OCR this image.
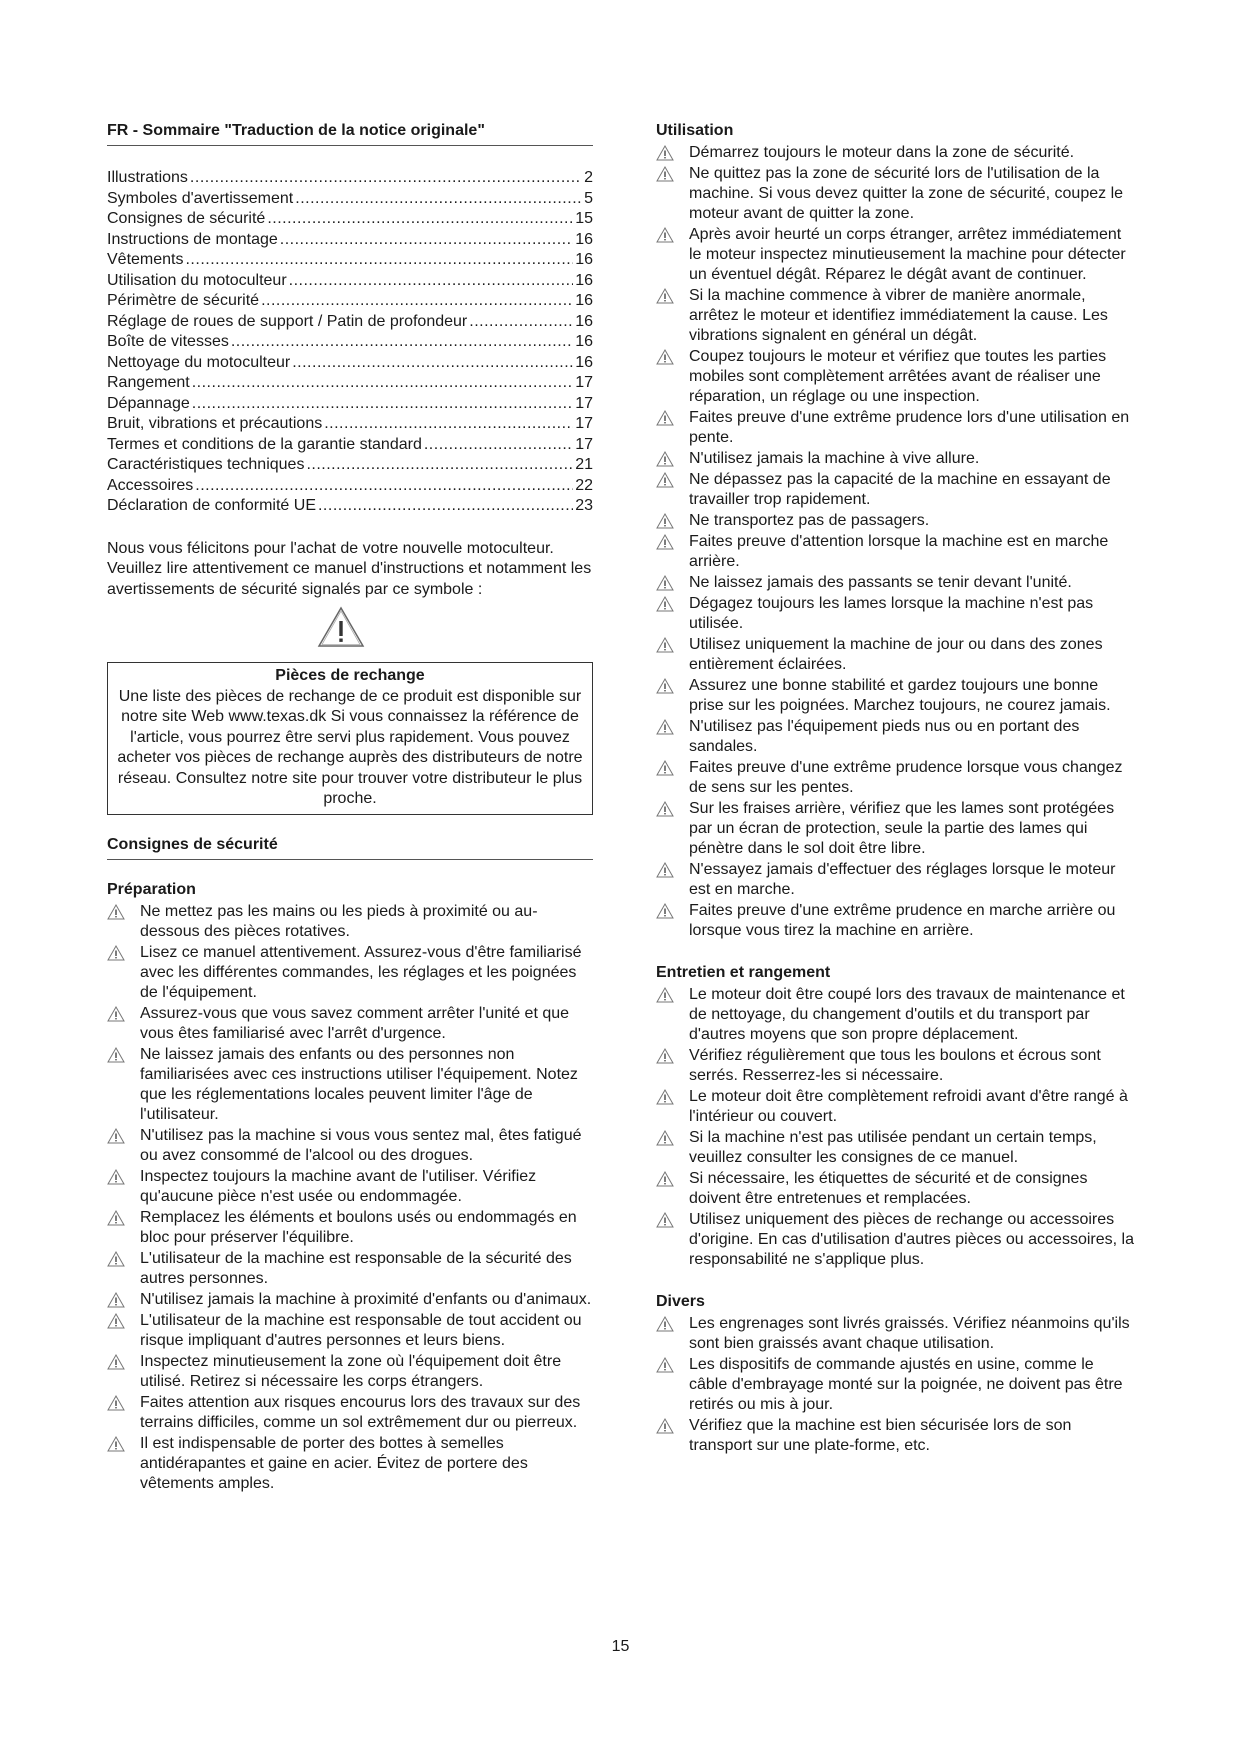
FR - Sommaire "Traduction de la notice originale"
Illustrations .....	2
Symboles d'avertissement .....	5
Consignes de sécurité .....	15
Instructions de montage .....	16
Vêtements .....	16
Utilisation du motoculteur .....	16
Périmètre de sécurité .....	16
Réglage de roues de support / Patin de profondeur .....	16
Boîte de vitesses .....	16
Nettoyage du motoculteur .....	16
Rangement .....	17
Dépannage .....	17
Bruit, vibrations et précautions .....	17
Termes et conditions de la garantie standard .....	17
Caractéristiques techniques .....	21
Accessoires .....	22
Déclaration de conformité UE .....	23
Nous vous félicitons pour l'achat de votre nouvelle motoculteur. Veuillez lire attentivement ce manuel d'instructions et notamment les avertissements de sécurité signalés par ce symbole :
Pièces de rechange
Une liste des pièces de rechange de ce produit est disponible sur notre site Web www.texas.dk Si vous connaissez la référence de l'article, vous pourrez être servi plus rapidement. Vous pouvez acheter vos pièces de rechange auprès des distributeurs de notre réseau. Consultez notre site pour trouver votre distributeur le plus proche.
Consignes de sécurité
Préparation
Ne mettez pas les mains ou les pieds à proximité ou au-dessous des pièces rotatives.
Lisez ce manuel attentivement. Assurez-vous d'être familiarisé avec les différentes commandes, les réglages et les poignées de l'équipement.
Assurez-vous que vous savez comment arrêter l'unité et que vous êtes familiarisé avec l'arrêt d'urgence.
Ne laissez jamais des enfants ou des personnes non familiarisées avec ces instructions utiliser l'équipement. Notez que les réglementations locales peuvent limiter l'âge de l'utilisateur.
N'utilisez pas la machine si vous vous sentez mal, êtes fatigué ou avez consommé de l'alcool ou des drogues.
Inspectez toujours la machine avant de l'utiliser. Vérifiez qu'aucune pièce n'est usée ou endommagée.
Remplacez les éléments et boulons usés ou endommagés en bloc pour préserver l'équilibre.
L'utilisateur de la machine est responsable de la sécurité des autres personnes.
N'utilisez jamais la machine à proximité d'enfants ou d'animaux.
L'utilisateur de la machine est responsable de tout accident ou risque impliquant d'autres personnes et leurs biens.
Inspectez minutieusement la zone où l'équipement doit être utilisé. Retirez si nécessaire les corps étrangers.
Faites attention aux risques encourus lors des travaux sur des terrains difficiles, comme un sol extrêmement dur ou pierreux.
Il est indispensable de porter des bottes à semelles antidérapantes et gaine en acier. Évitez de portere des vêtements amples.
Utilisation
Démarrez toujours le moteur dans la zone de sécurité.
Ne quittez pas la zone de sécurité lors de l'utilisation de la machine. Si vous devez quitter la zone de sécurité, coupez le moteur avant de quitter la zone.
Après avoir heurté un corps étranger, arrêtez immédiatement le moteur inspectez minutieusement la machine pour détecter un éventuel dégât. Réparez le dégât avant de continuer.
Si la machine commence à vibrer de manière anormale, arrêtez le moteur et identifiez immédiatement la cause. Les vibrations signalent en général un dégât.
Coupez toujours le moteur et vérifiez que toutes les parties mobiles sont complètement arrêtées avant de réaliser une réparation, un réglage ou une inspection.
Faites preuve d'une extrême prudence lors d'une utilisation en pente.
N'utilisez jamais la machine à vive allure.
Ne dépassez pas la capacité de la machine en essayant de travailler trop rapidement.
Ne transportez pas de passagers.
Faites preuve d'attention lorsque la machine est en marche arrière.
Ne laissez jamais des passants se tenir devant l'unité.
Dégagez toujours les lames lorsque la machine n'est pas utilisée.
Utilisez uniquement la machine de jour ou dans des zones entièrement éclairées.
Assurez une bonne stabilité et gardez toujours une bonne prise sur les poignées. Marchez toujours, ne courez jamais.
N'utilisez pas l'équipement pieds nus ou en portant des sandales.
Faites preuve d'une extrême prudence lorsque vous changez de sens sur les pentes.
Sur les fraises arrière, vérifiez que les lames sont protégées par un écran de protection, seule la partie des lames qui pénètre dans le sol doit être libre.
N'essayez jamais d'effectuer des réglages lorsque le moteur est en marche.
Faites preuve d'une extrême prudence en marche arrière ou lorsque vous tirez la machine en arrière.
Entretien et rangement
Le moteur doit être coupé lors des travaux de maintenance et de nettoyage, du changement d'outils et du transport par d'autres moyens que son propre déplacement.
Vérifiez régulièrement que tous les boulons et écrous sont serrés. Resserrez-les si nécessaire.
Le moteur doit être complètement refroidi avant d'être rangé à l'intérieur ou couvert.
Si la machine n'est pas utilisée pendant un certain temps, veuillez consulter les consignes de ce manuel.
Si nécessaire, les étiquettes de sécurité et de consignes doivent être entretenues et remplacées.
Utilisez uniquement des pièces de rechange ou accessoires d'origine. En cas d'utilisation d'autres pièces ou accessoires, la responsabilité ne s'applique plus.
Divers
Les engrenages sont livrés graissés. Vérifiez néanmoins qu'ils sont bien graissés avant chaque utilisation.
Les dispositifs de commande ajustés en usine, comme le câble d'embrayage monté sur la poignée, ne doivent pas être retirés ou mis à jour.
Vérifiez que la machine est bien sécurisée lors de son transport sur une plate-forme, etc.
15
